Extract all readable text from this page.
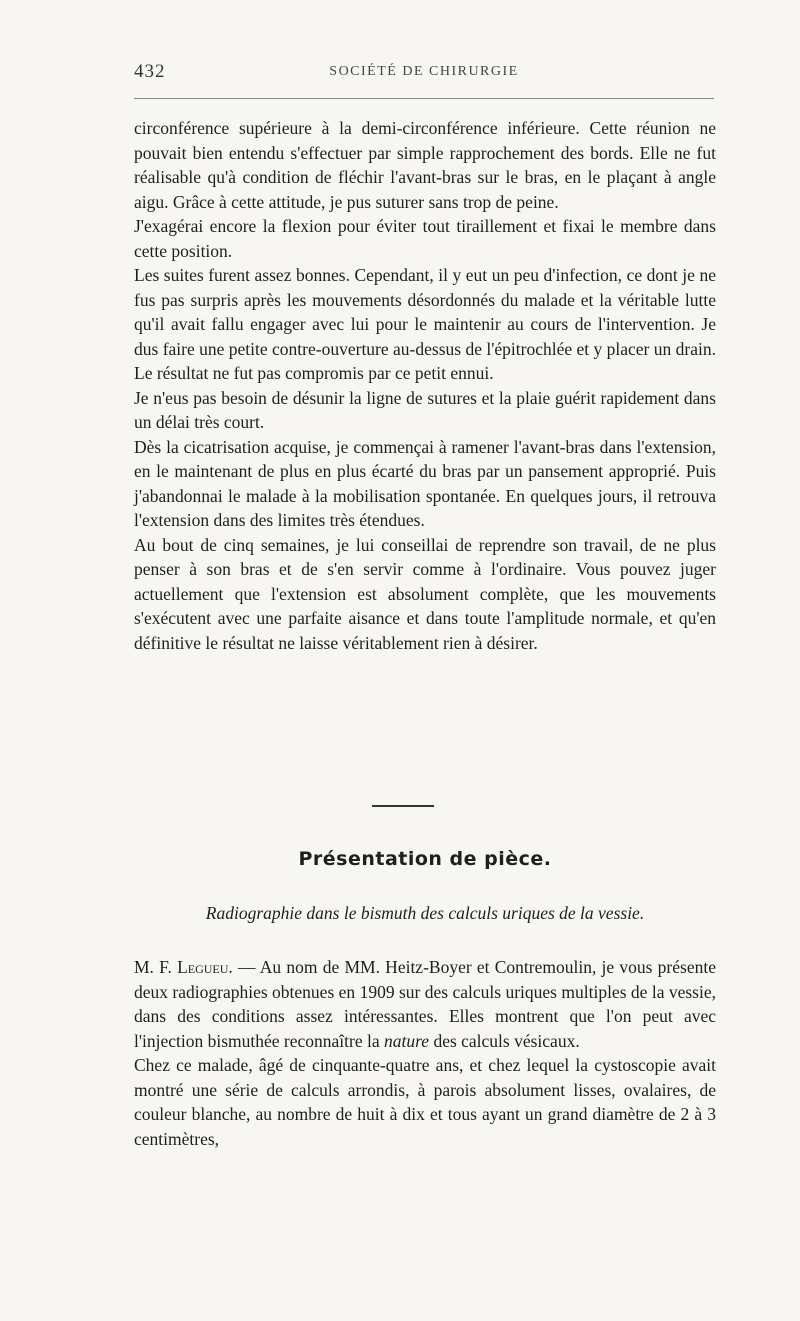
432	SOCIÉTÉ DE CHIRURGIE

circonférence supérieure à la demi-circonférence inférieure. Cette réunion ne pouvait bien entendu s'effectuer par simple rapprochement des bords. Elle ne fut réalisable qu'à condition de fléchir l'avant-bras sur le bras, en le plaçant à angle aigu. Grâce à cette attitude, je pus suturer sans trop de peine.

J'exagérai encore la flexion pour éviter tout tiraillement et fixai le membre dans cette position.

Les suites furent assez bonnes. Cependant, il y eut un peu d'infection, ce dont je ne fus pas surpris après les mouvements désordonnés du malade et la véritable lutte qu'il avait fallu engager avec lui pour le maintenir au cours de l'intervention. Je dus faire une petite contre-ouverture au-dessus de l'épitrochlée et y placer un drain. Le résultat ne fut pas compromis par ce petit ennui.

Je n'eus pas besoin de désunir la ligne de sutures et la plaie guérit rapidement dans un délai très court.

Dès la cicatrisation acquise, je commençai à ramener l'avant-bras dans l'extension, en le maintenant de plus en plus écarté du bras par un pansement approprié. Puis j'abandonnai le malade à la mobilisation spontanée. En quelques jours, il retrouva l'extension dans des limites très étendues.

Au bout de cinq semaines, je lui conseillai de reprendre son travail, de ne plus penser à son bras et de s'en servir comme à l'ordinaire. Vous pouvez juger actuellement que l'extension est absolument complète, que les mouvements s'exécutent avec une parfaite aisance et dans toute l'amplitude normale, et qu'en définitive le résultat ne laisse véritablement rien à désirer.

Présentation de pièce.
Radiographie dans le bismuth des calculs uriques de la vessie.

M. F. Legueu. — Au nom de MM. Heitz-Boyer et Contremoulin, je vous présente deux radiographies obtenues en 1909 sur des calculs uriques multiples de la vessie, dans des conditions assez intéressantes. Elles montrent que l'on peut avec l'injection bismuthée reconnaître la nature des calculs vésicaux.

Chez ce malade, âgé de cinquante-quatre ans, et chez lequel la cystoscopie avait montré une série de calculs arrondis, à parois absolument lisses, ovalaires, de couleur blanche, au nombre de huit à dix et tous ayant un grand diamètre de 2 à 3 centimètres,
